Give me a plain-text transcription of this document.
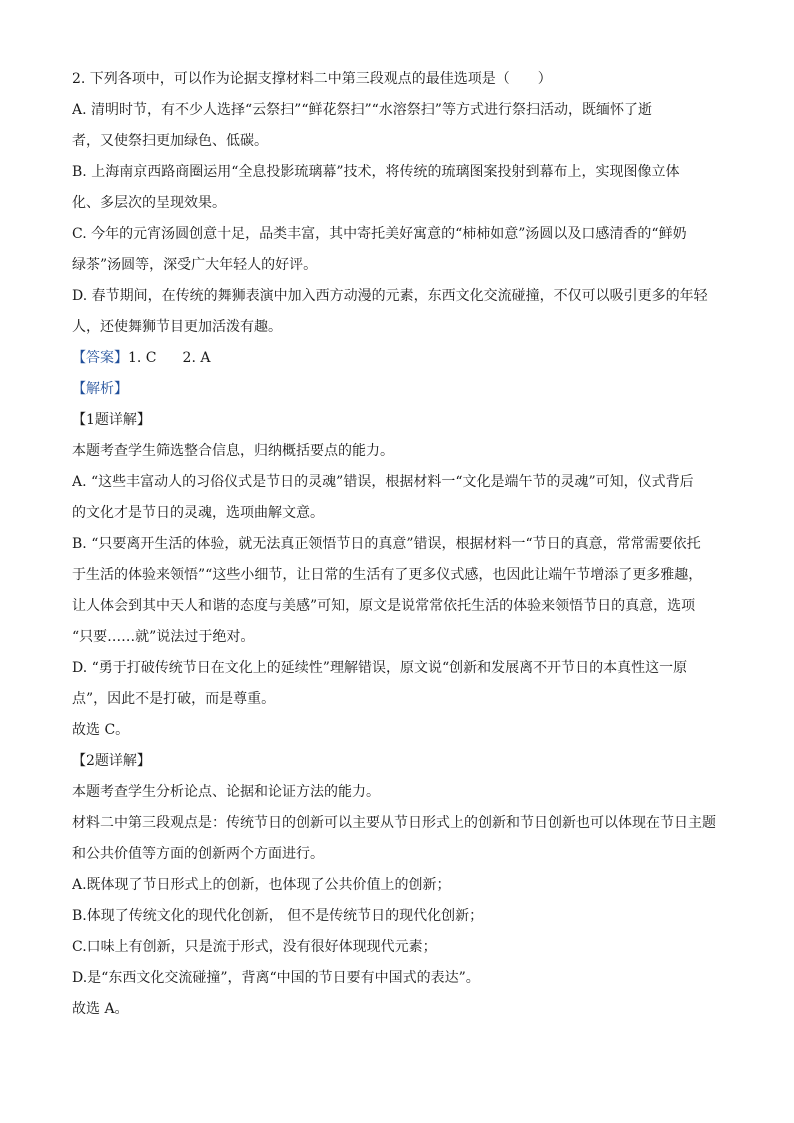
2. 下列各项中，可以作为论据支撑材料二中第三段观点的最佳选项是（　　）
A. 清明时节，有不少人选择“云祭扫”“鲜花祭扫”“水溶祭扫”等方式进行祭扫活动，既缅怀了逝
者，又使祭扫更加绿色、低碳。
B. 上海南京西路商圈运用“全息投影琉璃幕”技术，将传统的琉璃图案投射到幕布上，实现图像立体
化、多层次的呈现效果。
C. 今年的元宵汤圆创意十足，品类丰富，其中寄托美好寓意的“柿柿如意”汤圆以及口感清香的“鲜奶
绿茶”汤圆等，深受广大年轻人的好评。
D. 春节期间，在传统的舞狮表演中加入西方动漫的元素，东西文化交流碰撞，不仅可以吸引更多的年轻
人，还使舞狮节目更加活泼有趣。
【答案】 1. C 2. A
【解析】
【1题详解】
本题考查学生筛选整合信息，归纳概括要点的能力。
A. “这些丰富动人的习俗仪式是节日的灵魂”错误，根据材料一“文化是端午节的灵魂”可知，仪式背后
的文化才是节日的灵魂，选项曲解文意。
B. “只要离开生活的体验，就无法真正领悟节日的真意”错误，根据材料一“节日的真意，常常需要依托
于生活的体验来领悟”“这些小细节，让日常的生活有了更多仪式感，也因此让端午节增添了更多雅趣，
让人体会到其中天人和谐的态度与美感”可知，原文是说常常依托生活的体验来领悟节日的真意，选项
“只要……就”说法过于绝对。
D. “勇于打破传统节日在文化上的延续性”理解错误，原文说“创新和发展离不开节日的本真性这一原
点”，因此不是打破，而是尊重。
故选 C。
【2题详解】
本题考查学生分析论点、论据和论证方法的能力。
材料二中第三段观点是：传统节日的创新可以主要从节日形式上的创新和节日创新也可以体现在节日主题
和公共价值等方面的创新两个方面进行。
A.既体现了节日形式上的创新，也体现了公共价值上的创新；
B.体现了传统文化的现代化创新， 但不是传统节日的现代化创新；
C.口味上有创新，只是流于形式，没有很好体现现代元素；
D.是“东西文化交流碰撞”，背离“中国的节日要有中国式的表达”。
故选 A。
